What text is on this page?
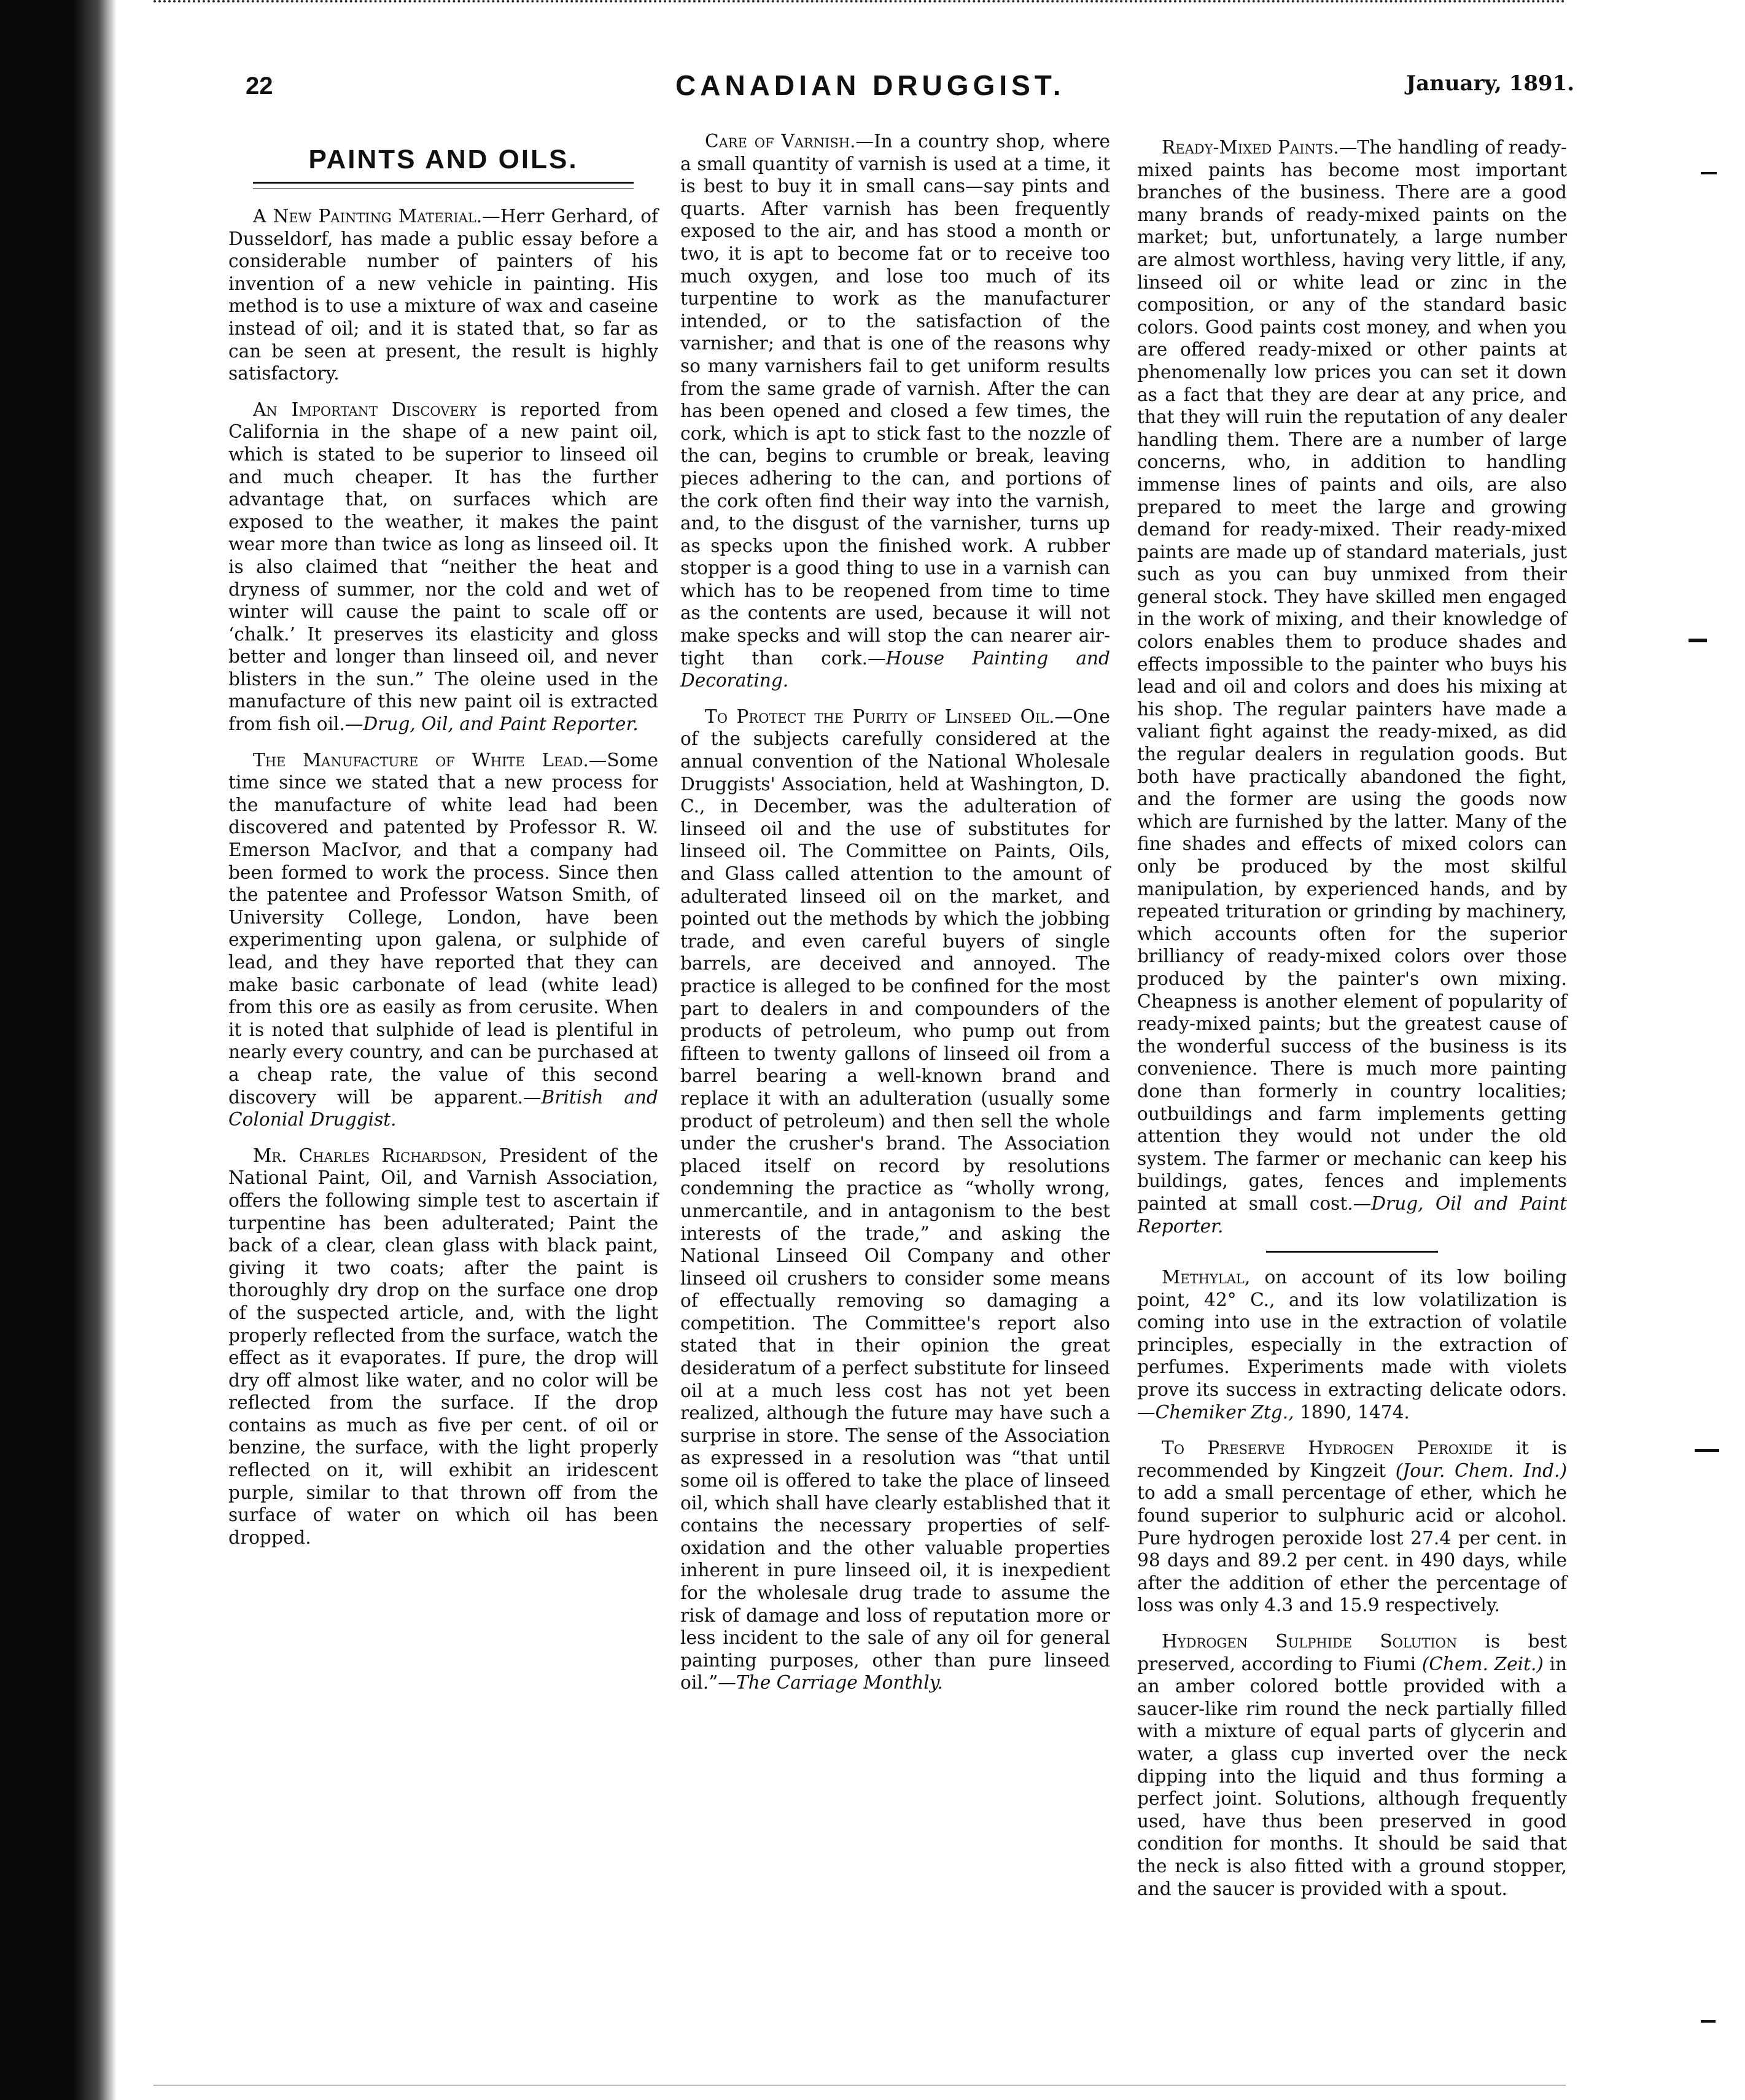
22	CANADIAN DRUGGIST.	January, 1891.
PAINTS AND OILS.

A New Painting Material.—Herr Gerhard, of Dusseldorf, has made a public essay before a considerable number of painters of his invention of a new vehicle in painting. His method is to use a mixture of wax and caseine instead of oil; and it is stated that, so far as can be seen at present, the result is highly satisfactory.

An Important Discovery is reported from California in the shape of a new paint oil, which is stated to be superior to linseed oil and much cheaper. It has the further advantage that, on surfaces which are exposed to the weather, it makes the paint wear more than twice as long as linseed oil. It is also claimed that “neither the heat and dryness of summer, nor the cold and wet of winter will cause the paint to scale off or ‘chalk.’ It preserves its elasticity and gloss better and longer than linseed oil, and never blisters in the sun.” The oleine used in the manufacture of this new paint oil is extracted from fish oil.—Drug, Oil, and Paint Reporter.

The Manufacture of White Lead.—Some time since we stated that a new process for the manufacture of white lead had been discovered and patented by Professor R. W. Emerson MacIvor, and that a company had been formed to work the process. Since then the patentee and Professor Watson Smith, of University College, London, have been experimenting upon galena, or sulphide of lead, and they have reported that they can make basic carbonate of lead (white lead) from this ore as easily as from cerusite. When it is noted that sulphide of lead is plentiful in nearly every country, and can be purchased at a cheap rate, the value of this second discovery will be apparent.—British and Colonial Druggist.

Mr. Charles Richardson, President of the National Paint, Oil, and Varnish Association, offers the following simple test to ascertain if turpentine has been adulterated; Paint the back of a clear, clean glass with black paint, giving it two coats; after the paint is thoroughly dry drop on the surface one drop of the suspected article, and, with the light properly reflected from the surface, watch the effect as it evaporates. If pure, the drop will dry off almost like water, and no color will be reflected from the surface. If the drop contains as much as five per cent. of oil or benzine, the surface, with the light properly reflected on it, will exhibit an iridescent purple, similar to that thrown off from the surface of water on which oil has been dropped.

Ready-Mixed Paints.—The handling of ready-mixed paints has become most important branches of the business. There are a good many brands of ready-mixed paints on the market; but, unfortunately, a large number are almost worthless, having very little, if any, linseed oil or white lead or zinc in the composition, or any of the standard basic colors. Good paints cost money, and when you are offered ready-mixed or other paints at phenomenally low prices you can set it down as a fact that they are dear at any price, and that they will ruin the reputation of any dealer handling them. There are a number of large concerns, who, in addition to handling immense lines of paints and oils, are also prepared to meet the large and growing demand for ready-mixed. Their ready-mixed paints are made up of standard materials, just such as you can buy unmixed from their general stock. They have skilled men engaged in the work of mixing, and their knowledge of colors enables them to produce shades and effects impossible to the painter who buys his lead and oil and colors and does his mixing at his shop. The regular painters have made a valiant fight against the ready-mixed, as did the regular dealers in regulation goods. But both have practically abandoned the fight, and the former are using the goods now which are furnished by the latter. Many of the fine shades and effects of mixed colors can only be produced by the most skilful manipulation, by experienced hands, and by repeated trituration or grinding by machinery, which accounts often for the superior brilliancy of ready-mixed colors over those produced by the painter's own mixing. Cheapness is another element of popularity of ready-mixed paints; but the greatest cause of the wonderful success of the business is its convenience. There is much more painting done than formerly in country localities; outbuildings and farm implements getting attention they would not under the old system. The farmer or mechanic can keep his buildings, gates, fences and implements painted at small cost.—Drug, Oil and Paint Reporter.

Methylal, on account of its low boiling point, 42° C., and its low volatilization is coming into use in the extraction of volatile principles, especially in the extraction of perfumes. Experiments made with violets prove its success in extracting delicate odors.—Chemiker Ztg., 1890, 1474.

To Preserve Hydrogen Peroxide it is recommended by Kingzeit (Jour. Chem. Ind.) to add a small percentage of ether, which he found superior to sulphuric acid or alcohol. Pure hydrogen peroxide lost 27.4 per cent. in 98 days and 89.2 per cent. in 490 days, while after the addition of ether the percentage of loss was only 4.3 and 15.9 respectively.

Hydrogen Sulphide Solution is best preserved, according to Fiumi (Chem. Zeit.) in an amber colored bottle provided with a saucer-like rim round the neck partially filled with a mixture of equal parts of glycerin and water, a glass cup inverted over the neck dipping into the liquid and thus forming a perfect joint. Solutions, although frequently used, have thus been preserved in good condition for months. It should be said that the neck is also fitted with a ground stopper, and the saucer is provided with a spout.

Care of Varnish.—In a country shop, where a small quantity of varnish is used at a time, it is best to buy it in small cans—say pints and quarts. After varnish has been frequently exposed to the air, and has stood a month or two, it is apt to become fat or to receive too much oxygen, and lose too much of its turpentine to work as the manufacturer intended, or to the satisfaction of the varnisher; and that is one of the reasons why so many varnishers fail to get uniform results from the same grade of varnish. After the can has been opened and closed a few times, the cork, which is apt to stick fast to the nozzle of the can, begins to crumble or break, leaving pieces adhering to the can, and portions of the cork often find their way into the varnish, and, to the disgust of the varnisher, turns up as specks upon the finished work. A rubber stopper is a good thing to use in a varnish can which has to be reopened from time to time as the contents are used, because it will not make specks and will stop the can nearer air-tight than cork.—House Painting and Decorating.

To Protect the Purity of Linseed Oil.—One of the subjects carefully considered at the annual convention of the National Wholesale Druggists' Association, held at Washington, D. C., in December, was the adulteration of linseed oil and the use of substitutes for linseed oil. The Committee on Paints, Oils, and Glass called attention to the amount of adulterated linseed oil on the market, and pointed out the methods by which the jobbing trade, and even careful buyers of single barrels, are deceived and annoyed. The practice is alleged to be confined for the most part to dealers in and compounders of the products of petroleum, who pump out from fifteen to twenty gallons of linseed oil from a barrel bearing a well-known brand and replace it with an adulteration (usually some product of petroleum) and then sell the whole under the crusher's brand. The Association placed itself on record by resolutions condemning the practice as “wholly wrong, unmercantile, and in antagonism to the best interests of the trade,” and asking the National Linseed Oil Company and other linseed oil crushers to consider some means of effectually removing so damaging a competition. The Committee's report also stated that in their opinion the great desideratum of a perfect substitute for linseed oil at a much less cost has not yet been realized, although the future may have such a surprise in store. The sense of the Association as expressed in a resolution was “that until some oil is offered to take the place of linseed oil, which shall have clearly established that it contains the necessary properties of self-oxidation and the other valuable properties inherent in pure linseed oil, it is inexpedient for the wholesale drug trade to assume the risk of damage and loss of reputation more or less incident to the sale of any oil for general painting purposes, other than pure linseed oil.”—The Carriage Monthly.
